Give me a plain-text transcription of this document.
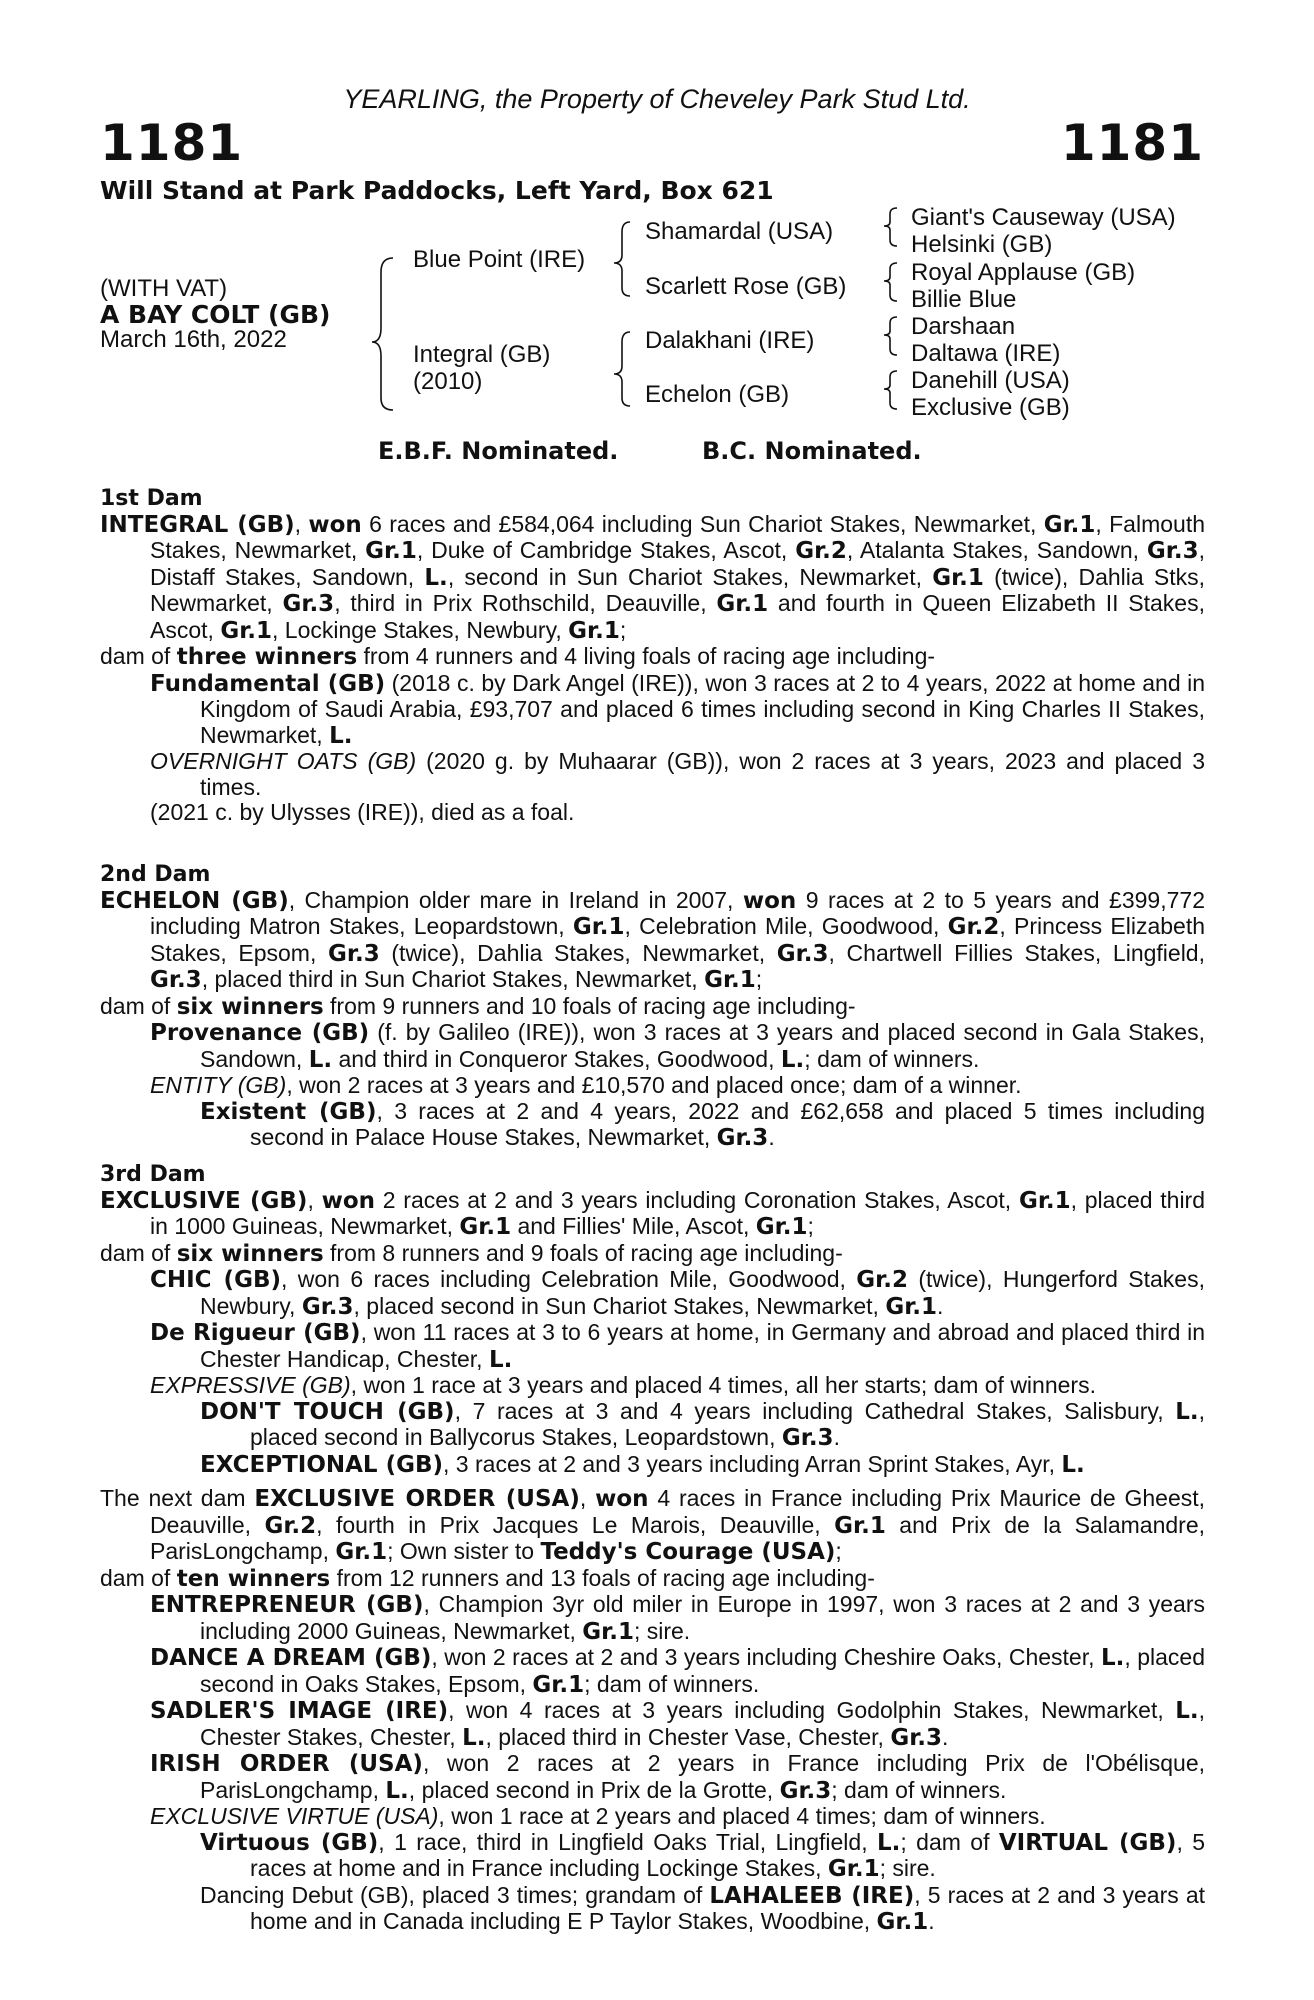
YEARLING, the Property of Cheveley Park Stud Ltd.
1181	1181
Will Stand at Park Paddocks, Left Yard, Box 621
(WITH VAT)
A BAY COLT (GB)
March 16th, 2022
Blue Point (IRE)
Integral (GB)
(2010)
Shamardal (USA)
Scarlett Rose (GB)
Dalakhani (IRE)
Echelon (GB)
Giant's Causeway (USA)
Helsinki (GB)
Royal Applause (GB)
Billie Blue
Darshaan
Daltawa (IRE)
Danehill (USA)
Exclusive (GB)
E.B.F. Nominated.	B.C. Nominated.
1st Dam

INTEGRAL (GB), won 6 races and £584,064 including Sun Chariot Stakes, Newmarket, Gr.1, Falmouth Stakes, Newmarket, Gr.1, Duke of Cambridge Stakes, Ascot, Gr.2, Atalanta Stakes, Sandown, Gr.3, Distaff Stakes, Sandown, L., second in Sun Chariot Stakes, Newmarket, Gr.1 (twice), Dahlia Stks, Newmarket, Gr.3, third in Prix Rothschild, Deauville, Gr.1 and fourth in Queen Elizabeth II Stakes, Ascot, Gr.1, Lockinge Stakes, Newbury, Gr.1;

dam of three winners from 4 runners and 4 living foals of racing age including-

Fundamental (GB) (2018 c. by Dark Angel (IRE)), won 3 races at 2 to 4 years, 2022 at home and in Kingdom of Saudi Arabia, £93,707 and placed 6 times including second in King Charles II Stakes, Newmarket, L.

OVERNIGHT OATS (GB) (2020 g. by Muhaarar (GB)), won 2 races at 3 years, 2023 and placed 3 times.

(2021 c. by Ulysses (IRE)), died as a foal.

2nd Dam

ECHELON (GB), Champion older mare in Ireland in 2007, won 9 races at 2 to 5 years and £399,772 including Matron Stakes, Leopardstown, Gr.1, Celebration Mile, Goodwood, Gr.2, Princess Elizabeth Stakes, Epsom, Gr.3 (twice), Dahlia Stakes, Newmarket, Gr.3, Chartwell Fillies Stakes, Lingfield, Gr.3, placed third in Sun Chariot Stakes, Newmarket, Gr.1;

dam of six winners from 9 runners and 10 foals of racing age including-

Provenance (GB) (f. by Galileo (IRE)), won 3 races at 3 years and placed second in Gala Stakes, Sandown, L. and third in Conqueror Stakes, Goodwood, L.; dam of winners.

ENTITY (GB), won 2 races at 3 years and £10,570 and placed once; dam of a winner.

Existent (GB), 3 races at 2 and 4 years, 2022 and £62,658 and placed 5 times including second in Palace House Stakes, Newmarket, Gr.3.

3rd Dam

EXCLUSIVE (GB), won 2 races at 2 and 3 years including Coronation Stakes, Ascot, Gr.1, placed third in 1000 Guineas, Newmarket, Gr.1 and Fillies' Mile, Ascot, Gr.1;

dam of six winners from 8 runners and 9 foals of racing age including-

CHIC (GB), won 6 races including Celebration Mile, Goodwood, Gr.2 (twice), Hungerford Stakes, Newbury, Gr.3, placed second in Sun Chariot Stakes, Newmarket, Gr.1.

De Rigueur (GB), won 11 races at 3 to 6 years at home, in Germany and abroad and placed third in Chester Handicap, Chester, L.

EXPRESSIVE (GB), won 1 race at 3 years and placed 4 times, all her starts; dam of winners.

DON'T TOUCH (GB), 7 races at 3 and 4 years including Cathedral Stakes, Salisbury, L., placed second in Ballycorus Stakes, Leopardstown, Gr.3.

EXCEPTIONAL (GB), 3 races at 2 and 3 years including Arran Sprint Stakes, Ayr, L.

The next dam EXCLUSIVE ORDER (USA), won 4 races in France including Prix Maurice de Gheest, Deauville, Gr.2, fourth in Prix Jacques Le Marois, Deauville, Gr.1 and Prix de la Salamandre, ParisLongchamp, Gr.1; Own sister to Teddy's Courage (USA);

dam of ten winners from 12 runners and 13 foals of racing age including-

ENTREPRENEUR (GB), Champion 3yr old miler in Europe in 1997, won 3 races at 2 and 3 years including 2000 Guineas, Newmarket, Gr.1; sire.

DANCE A DREAM (GB), won 2 races at 2 and 3 years including Cheshire Oaks, Chester, L., placed second in Oaks Stakes, Epsom, Gr.1; dam of winners.

SADLER'S IMAGE (IRE), won 4 races at 3 years including Godolphin Stakes, Newmarket, L., Chester Stakes, Chester, L., placed third in Chester Vase, Chester, Gr.3.

IRISH ORDER (USA), won 2 races at 2 years in France including Prix de l'Obélisque, ParisLongchamp, L., placed second in Prix de la Grotte, Gr.3; dam of winners.

EXCLUSIVE VIRTUE (USA), won 1 race at 2 years and placed 4 times; dam of winners.

Virtuous (GB), 1 race, third in Lingfield Oaks Trial, Lingfield, L.; dam of VIRTUAL (GB), 5 races at home and in France including Lockinge Stakes, Gr.1; sire.

Dancing Debut (GB), placed 3 times; grandam of LAHALEEB (IRE), 5 races at 2 and 3 years at home and in Canada including E P Taylor Stakes, Woodbine, Gr.1.
